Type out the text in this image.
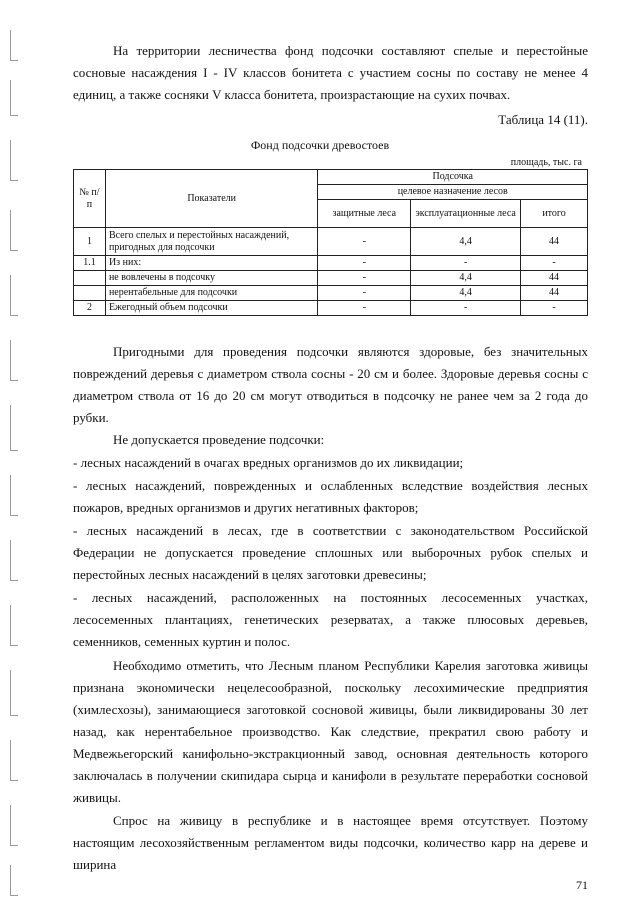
На территории лесничества фонд подсочки составляют спелые и перестойные сосновые насаждения I - IV классов бонитета с участием сосны по составу не менее 4 единиц, а также сосняки V класса бонитета, произрастающие на сухих почвах.

Таблица 14 (11).
Фонд подсочки древостоев
площадь, тыс. га
№ п/п	Показатели	Подсочка		
		целевое назначение лесов		
		защитные леса	эксплуатационные леса	итого
1	Всего спелых и перестойных насаждений, пригодных для подсочки	-	4,4	44
1.1	Из них:	-	-	-
	не вовлечены в подсочку	-	4,4	44
	нерентабельные для подсочки	-	4,4	44
2	Ежегодный объем подсочки	-	-	-

Пригодными для проведения подсочки являются здоровые, без значительных повреждений деревья с диаметром ствола сосны - 20 см и более. Здоровые деревья сосны с диаметром ствола от 16 до 20 см могут отводиться в подсочку не ранее чем за 2 года до рубки.

Не допускается проведение подсочки:

- лесных насаждений в очагах вредных организмов до их ликвидации;

- лесных насаждений, поврежденных и ослабленных вследствие воздействия лесных пожаров, вредных организмов и других негативных факторов;

- лесных насаждений в лесах, где в соответствии с законодательством Российской Федерации не допускается проведение сплошных или выборочных рубок спелых и перестойных лесных насаждений в целях заготовки древесины;

- лесных насаждений, расположенных на постоянных лесосеменных участках, лесосеменных плантациях, генетических резерватах, а также плюсовых деревьев, семенников, семенных куртин и полос.

Необходимо отметить, что Лесным планом Республики Карелия заготовка живицы признана экономически нецелесообразной, поскольку лесохимические предприятия (химлесхозы), занимающиеся заготовкой сосновой живицы, были ликвидированы 30 лет назад, как нерентабельное производство. Как следствие, прекратил свою работу и Медвежьегорский канифольно-экстракционный завод, основная деятельность которого заключалась в получении скипидара сырца и канифоли в результате переработки сосновой живицы.

Спрос на живицу в республике и в настоящее время отсутствует. Поэтому настоящим лесохозяйственным регламентом виды подсочки, количество карр на дереве и ширина

71
